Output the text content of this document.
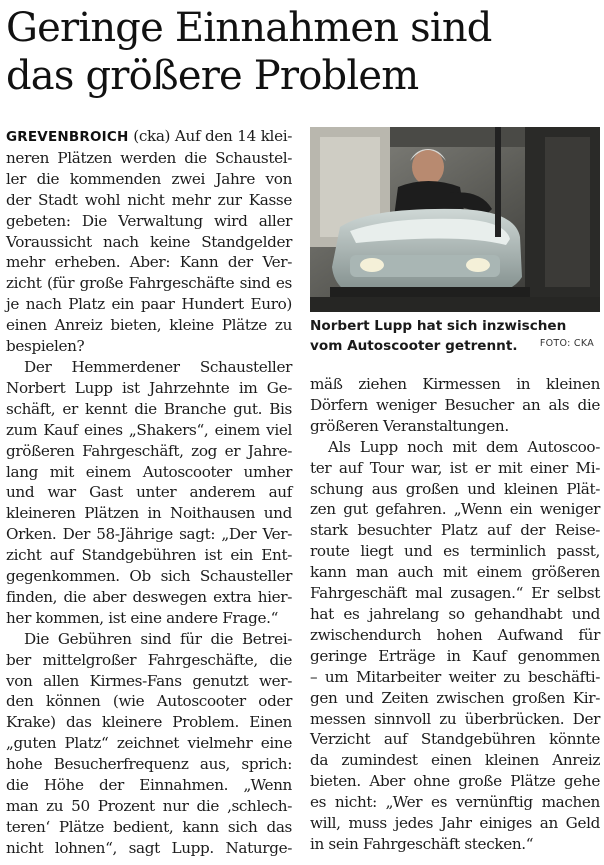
Geringe Einnahmen sind
das größere Problem
GREVENBROICH (cka) Auf den 14 klei-
neren Plätzen werden die Schaustel-
ler die kommenden zwei Jahre von
der Stadt wohl nicht mehr zur Kasse
gebeten: Die Verwaltung wird aller
Voraussicht nach keine Standgelder
mehr erheben. Aber: Kann der Ver-
zicht (für große Fahrgeschäfte sind es
je nach Platz ein paar Hundert Euro)
einen Anreiz bieten, kleine Plätze zu
bespielen?
Der Hemmerdener Schausteller
Norbert Lupp ist Jahrzehnte im Ge-
schäft, er kennt die Branche gut. Bis
zum Kauf eines „Shakers“, einem viel
größeren Fahrgeschäft, zog er Jahre-
lang mit einem Autoscooter umher
und war Gast unter anderem auf
kleineren Plätzen in Noithausen und
Orken. Der 58-Jährige sagt: „Der Ver-
zicht auf Standgebühren ist ein Ent-
gegenkommen. Ob sich Schausteller
finden, die aber deswegen extra hier-
her kommen, ist eine andere Frage.“
Die Gebühren sind für die Betrei-
ber mittelgroßer Fahrgeschäfte, die
von allen Kirmes-Fans genutzt wer-
den können (wie Autoscooter oder
Krake) das kleinere Problem. Einen
„guten Platz“ zeichnet vielmehr eine
hohe Besucherfrequenz aus, sprich:
die Höhe der Einnahmen. „Wenn
man zu 50 Prozent nur die ‚schlech-
teren‘ Plätze bedient, kann sich das
nicht lohnen“, sagt Lupp. Naturge-
Norbert Lupp hat sich inzwischen
vom Autoscooter getrennt.	FOTO: CKA
mäß ziehen Kirmessen in kleinen
Dörfern weniger Besucher an als die
größeren Veranstaltungen.
Als Lupp noch mit dem Autoscoo-
ter auf Tour war, ist er mit einer Mi-
schung aus großen und kleinen Plät-
zen gut gefahren. „Wenn ein weniger
stark besuchter Platz auf der Reise-
route liegt und es terminlich passt,
kann man auch mit einem größeren
Fahrgeschäft mal zusagen.“ Er selbst
hat es jahrelang so gehandhabt und
zwischendurch hohen Aufwand für
geringe Erträge in Kauf genommen
– um Mitarbeiter weiter zu beschäfti-
gen und Zeiten zwischen großen Kir-
messen sinnvoll zu überbrücken. Der
Verzicht auf Standgebühren könnte
da zumindest einen kleinen Anreiz
bieten. Aber ohne große Plätze gehe
es nicht: „Wer es vernünftig machen
will, muss jedes Jahr einiges an Geld
in sein Fahrgeschäft stecken.“
